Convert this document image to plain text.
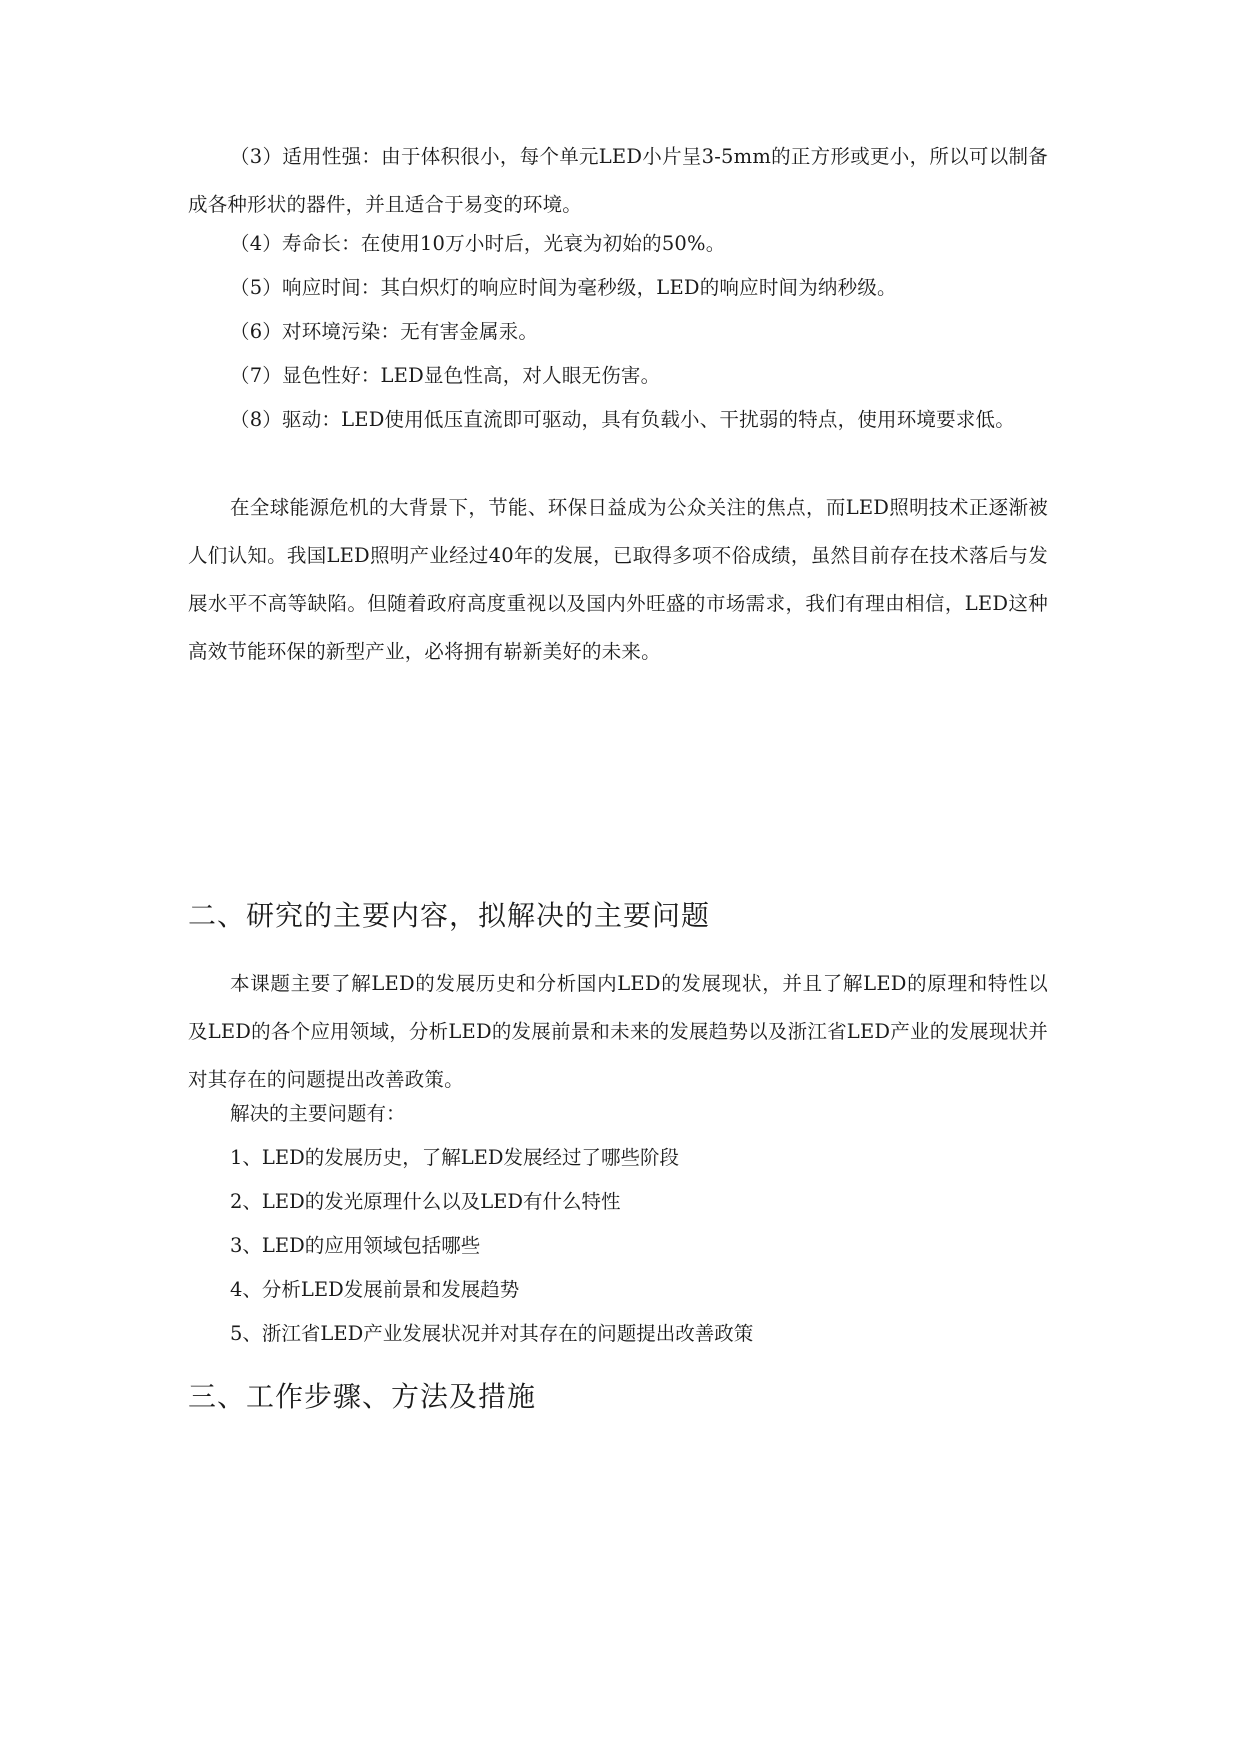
（3）适用性强：由于体积很小，每个单元LED小片呈3-5mm的正方形或更小，所以可以制备成各种形状的器件，并且适合于易变的环境。

（4）寿命长：在使用10万小时后，光衰为初始的50%。

（5）响应时间：其白炽灯的响应时间为毫秒级，LED的响应时间为纳秒级。

（6）对环境污染：无有害金属汞。

（7）显色性好：LED显色性高，对人眼无伤害。

（8）驱动：LED使用低压直流即可驱动，具有负载小、干扰弱的特点，使用环境要求低。

在全球能源危机的大背景下，节能、环保日益成为公众关注的焦点，而LED照明技术正逐渐被人们认知。我国LED照明产业经过40年的发展，已取得多项不俗成绩，虽然目前存在技术落后与发展水平不高等缺陷。但随着政府高度重视以及国内外旺盛的市场需求，我们有理由相信，LED这种高效节能环保的新型产业，必将拥有崭新美好的未来。

二、研究的主要内容，拟解决的主要问题

本课题主要了解LED的发展历史和分析国内LED的发展现状，并且了解LED的原理和特性以及LED的各个应用领域，分析LED的发展前景和未来的发展趋势以及浙江省LED产业的发展现状并对其存在的问题提出改善政策。

解决的主要问题有：

1、LED的发展历史，了解LED发展经过了哪些阶段

2、LED的发光原理什么以及LED有什么特性

3、LED的应用领域包括哪些

4、分析LED发展前景和发展趋势

5、浙江省LED产业发展状况并对其存在的问题提出改善政策

三、工作步骤、方法及措施
